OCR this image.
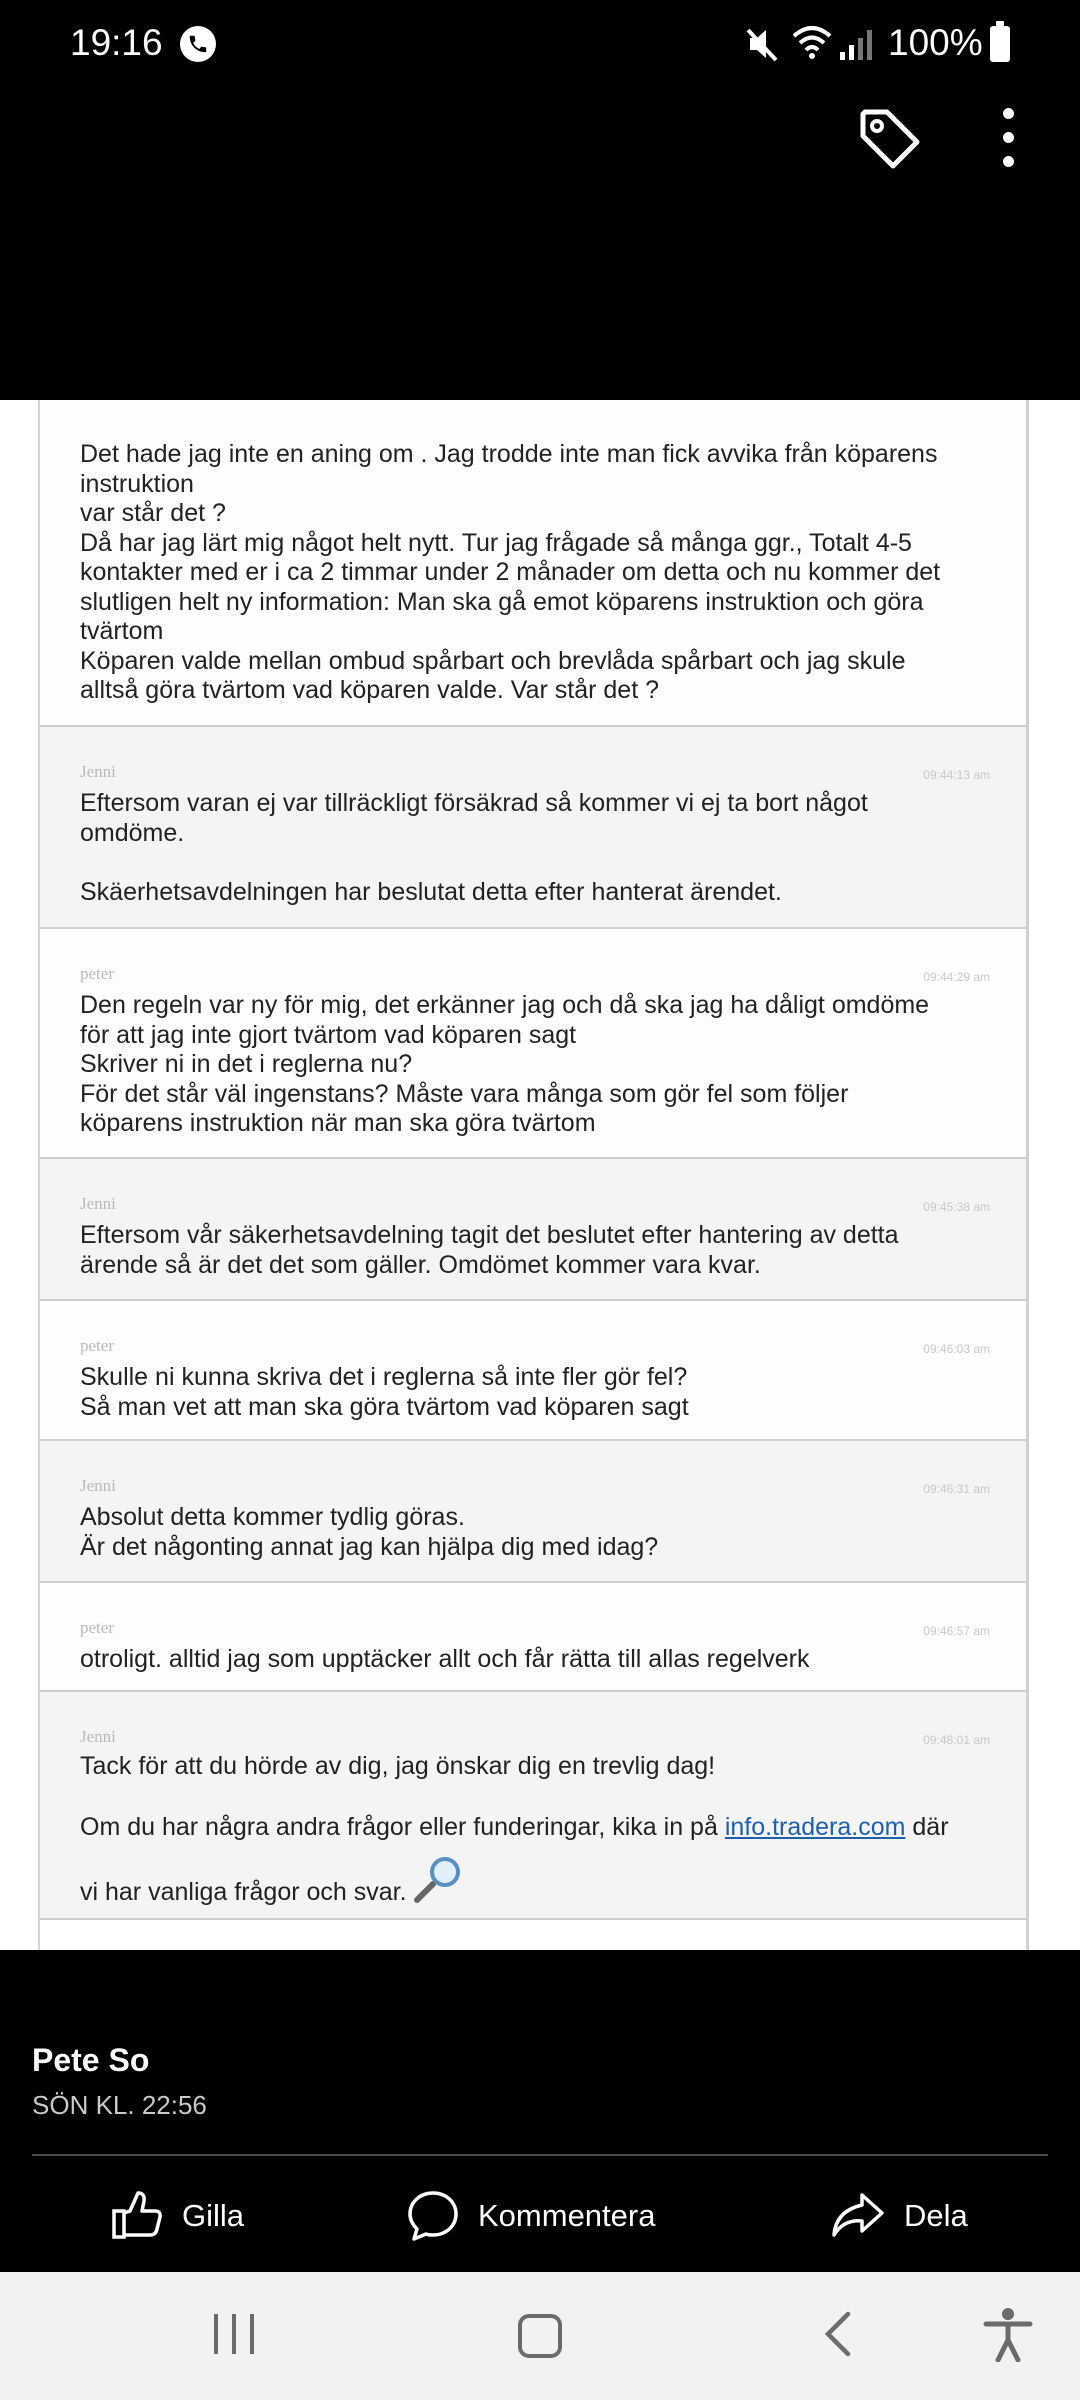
19:16	100%

Det hade jag inte en aning om . Jag trodde inte man fick avvika från köparens

instruktion

var står det ?

Då har jag lärt mig något helt nytt. Tur jag frågade så många ggr., Totalt 4-5

kontakter med er i ca 2 timmar under 2 månader om detta och nu kommer det

slutligen helt ny information: Man ska gå emot köparens instruktion och göra

tvärtom

Köparen valde mellan ombud spårbart och brevlåda spårbart och jag skule

alltså göra tvärtom vad köparen valde. Var står det ?

Jenni	09:44:13 am

Eftersom varan ej var tillräckligt försäkrad så kommer vi ej ta bort något

omdöme.

Skäerhetsavdelningen har beslutat detta efter hanterat ärendet.

peter	09:44:29 am

Den regeln var ny för mig, det erkänner jag och då ska jag ha dåligt omdöme

för att jag inte gjort tvärtom vad köparen sagt

Skriver ni in det i reglerna nu?

För det står väl ingenstans? Måste vara många som gör fel som följer

köparens instruktion när man ska göra tvärtom

Jenni	09:45:38 am

Eftersom vår säkerhetsavdelning tagit det beslutet efter hantering av detta

ärende så är det det som gäller. Omdömet kommer vara kvar.

peter	09:46:03 am

Skulle ni kunna skriva det i reglerna så inte fler gör fel?

Så man vet att man ska göra tvärtom vad köparen sagt

Jenni	09:46:31 am

Absolut detta kommer tydlig göras.

Är det någonting annat jag kan hjälpa dig med idag?

peter	09:46:57 am

otroligt. alltid jag som upptäcker allt och får rätta till allas regelverk

Jenni	09:48:01 am

Tack för att du hörde av dig, jag önskar dig en trevlig dag!

Om du har några andra frågor eller funderingar, kika in på info.tradera.com där

vi har vanliga frågor och svar.

Pete So
SÖN KL. 22:56
Gilla	Kommentera	Dela
